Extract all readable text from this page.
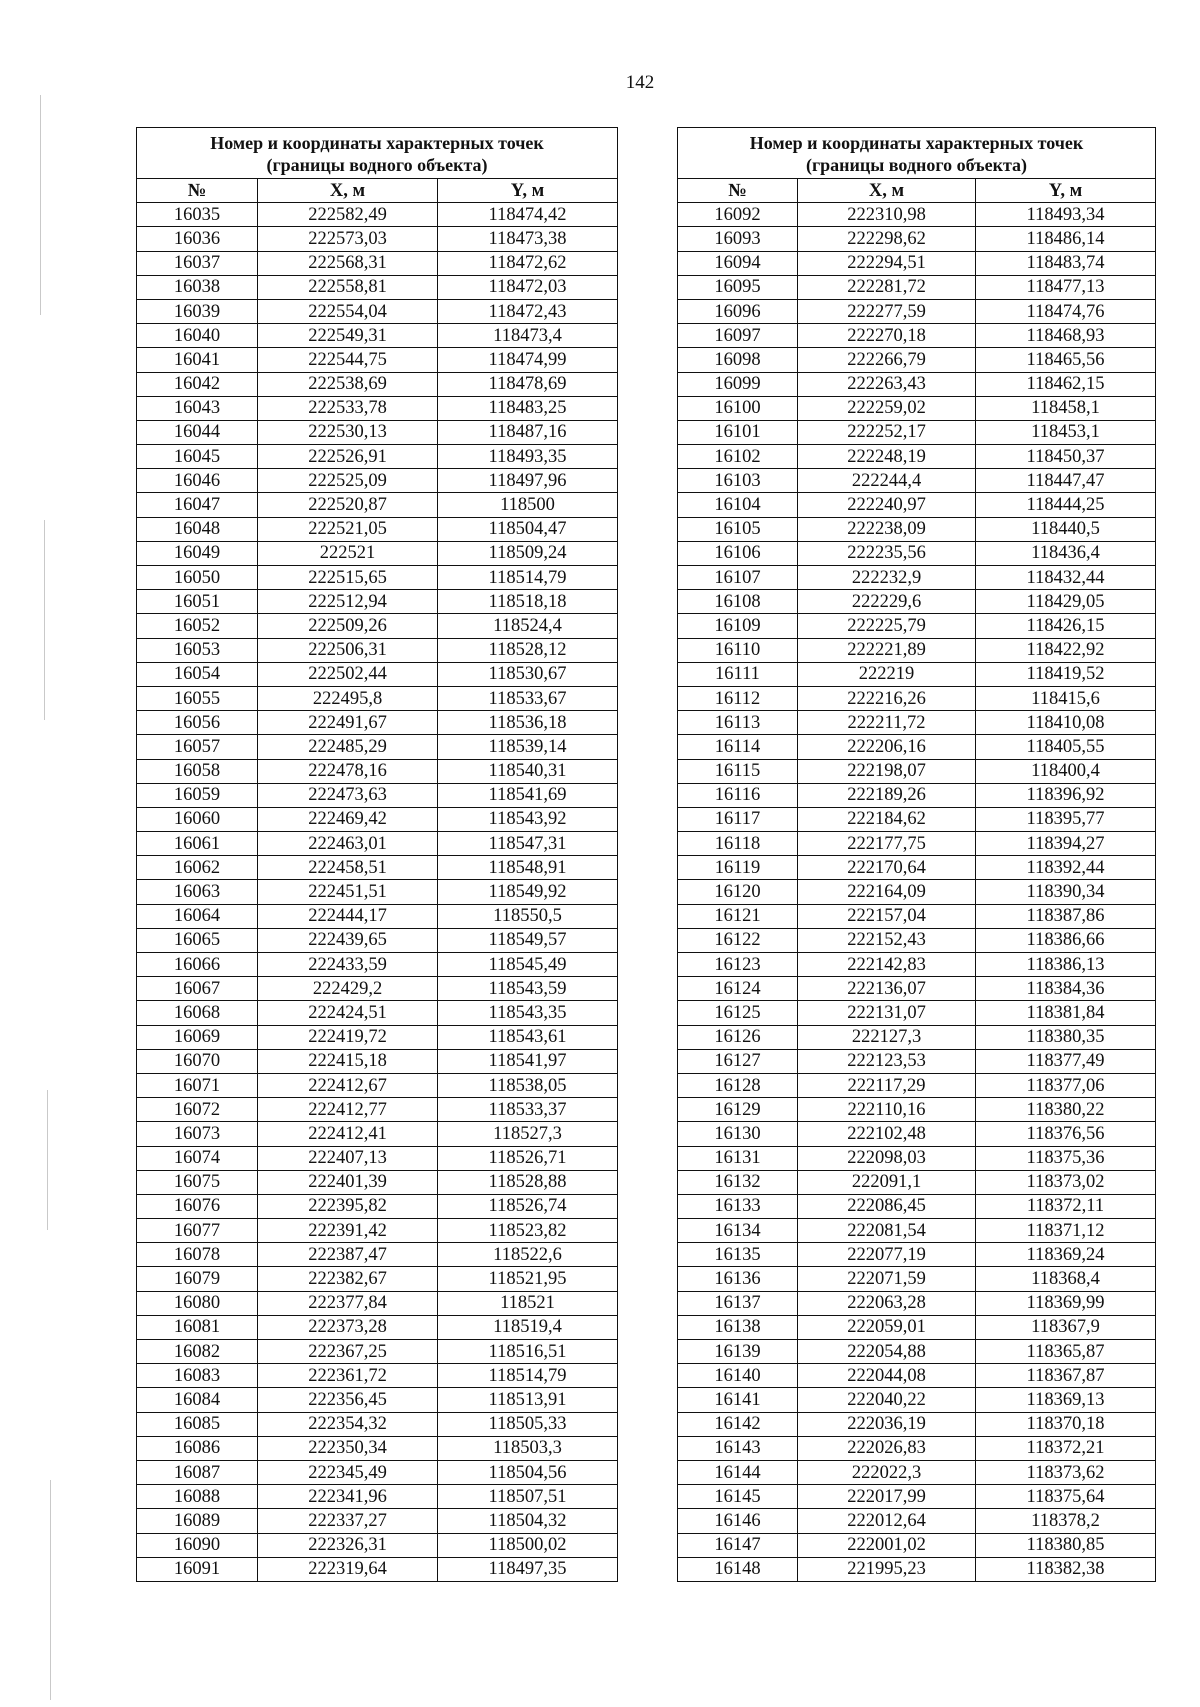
142
Номер и координаты характерных точек
(границы водного объекта)		
№	X, м	Y, м
16035	222582,49	118474,42
16036	222573,03	118473,38
16037	222568,31	118472,62
16038	222558,81	118472,03
16039	222554,04	118472,43
16040	222549,31	118473,4
16041	222544,75	118474,99
16042	222538,69	118478,69
16043	222533,78	118483,25
16044	222530,13	118487,16
16045	222526,91	118493,35
16046	222525,09	118497,96
16047	222520,87	118500
16048	222521,05	118504,47
16049	222521	118509,24
16050	222515,65	118514,79
16051	222512,94	118518,18
16052	222509,26	118524,4
16053	222506,31	118528,12
16054	222502,44	118530,67
16055	222495,8	118533,67
16056	222491,67	118536,18
16057	222485,29	118539,14
16058	222478,16	118540,31
16059	222473,63	118541,69
16060	222469,42	118543,92
16061	222463,01	118547,31
16062	222458,51	118548,91
16063	222451,51	118549,92
16064	222444,17	118550,5
16065	222439,65	118549,57
16066	222433,59	118545,49
16067	222429,2	118543,59
16068	222424,51	118543,35
16069	222419,72	118543,61
16070	222415,18	118541,97
16071	222412,67	118538,05
16072	222412,77	118533,37
16073	222412,41	118527,3
16074	222407,13	118526,71
16075	222401,39	118528,88
16076	222395,82	118526,74
16077	222391,42	118523,82
16078	222387,47	118522,6
16079	222382,67	118521,95
16080	222377,84	118521
16081	222373,28	118519,4
16082	222367,25	118516,51
16083	222361,72	118514,79
16084	222356,45	118513,91
16085	222354,32	118505,33
16086	222350,34	118503,3
16087	222345,49	118504,56
16088	222341,96	118507,51
16089	222337,27	118504,32
16090	222326,31	118500,02
16091	222319,64	118497,35
Номер и координаты характерных точек
(границы водного объекта)		
№	X, м	Y, м
16092	222310,98	118493,34
16093	222298,62	118486,14
16094	222294,51	118483,74
16095	222281,72	118477,13
16096	222277,59	118474,76
16097	222270,18	118468,93
16098	222266,79	118465,56
16099	222263,43	118462,15
16100	222259,02	118458,1
16101	222252,17	118453,1
16102	222248,19	118450,37
16103	222244,4	118447,47
16104	222240,97	118444,25
16105	222238,09	118440,5
16106	222235,56	118436,4
16107	222232,9	118432,44
16108	222229,6	118429,05
16109	222225,79	118426,15
16110	222221,89	118422,92
16111	222219	118419,52
16112	222216,26	118415,6
16113	222211,72	118410,08
16114	222206,16	118405,55
16115	222198,07	118400,4
16116	222189,26	118396,92
16117	222184,62	118395,77
16118	222177,75	118394,27
16119	222170,64	118392,44
16120	222164,09	118390,34
16121	222157,04	118387,86
16122	222152,43	118386,66
16123	222142,83	118386,13
16124	222136,07	118384,36
16125	222131,07	118381,84
16126	222127,3	118380,35
16127	222123,53	118377,49
16128	222117,29	118377,06
16129	222110,16	118380,22
16130	222102,48	118376,56
16131	222098,03	118375,36
16132	222091,1	118373,02
16133	222086,45	118372,11
16134	222081,54	118371,12
16135	222077,19	118369,24
16136	222071,59	118368,4
16137	222063,28	118369,99
16138	222059,01	118367,9
16139	222054,88	118365,87
16140	222044,08	118367,87
16141	222040,22	118369,13
16142	222036,19	118370,18
16143	222026,83	118372,21
16144	222022,3	118373,62
16145	222017,99	118375,64
16146	222012,64	118378,2
16147	222001,02	118380,85
16148	221995,23	118382,38
